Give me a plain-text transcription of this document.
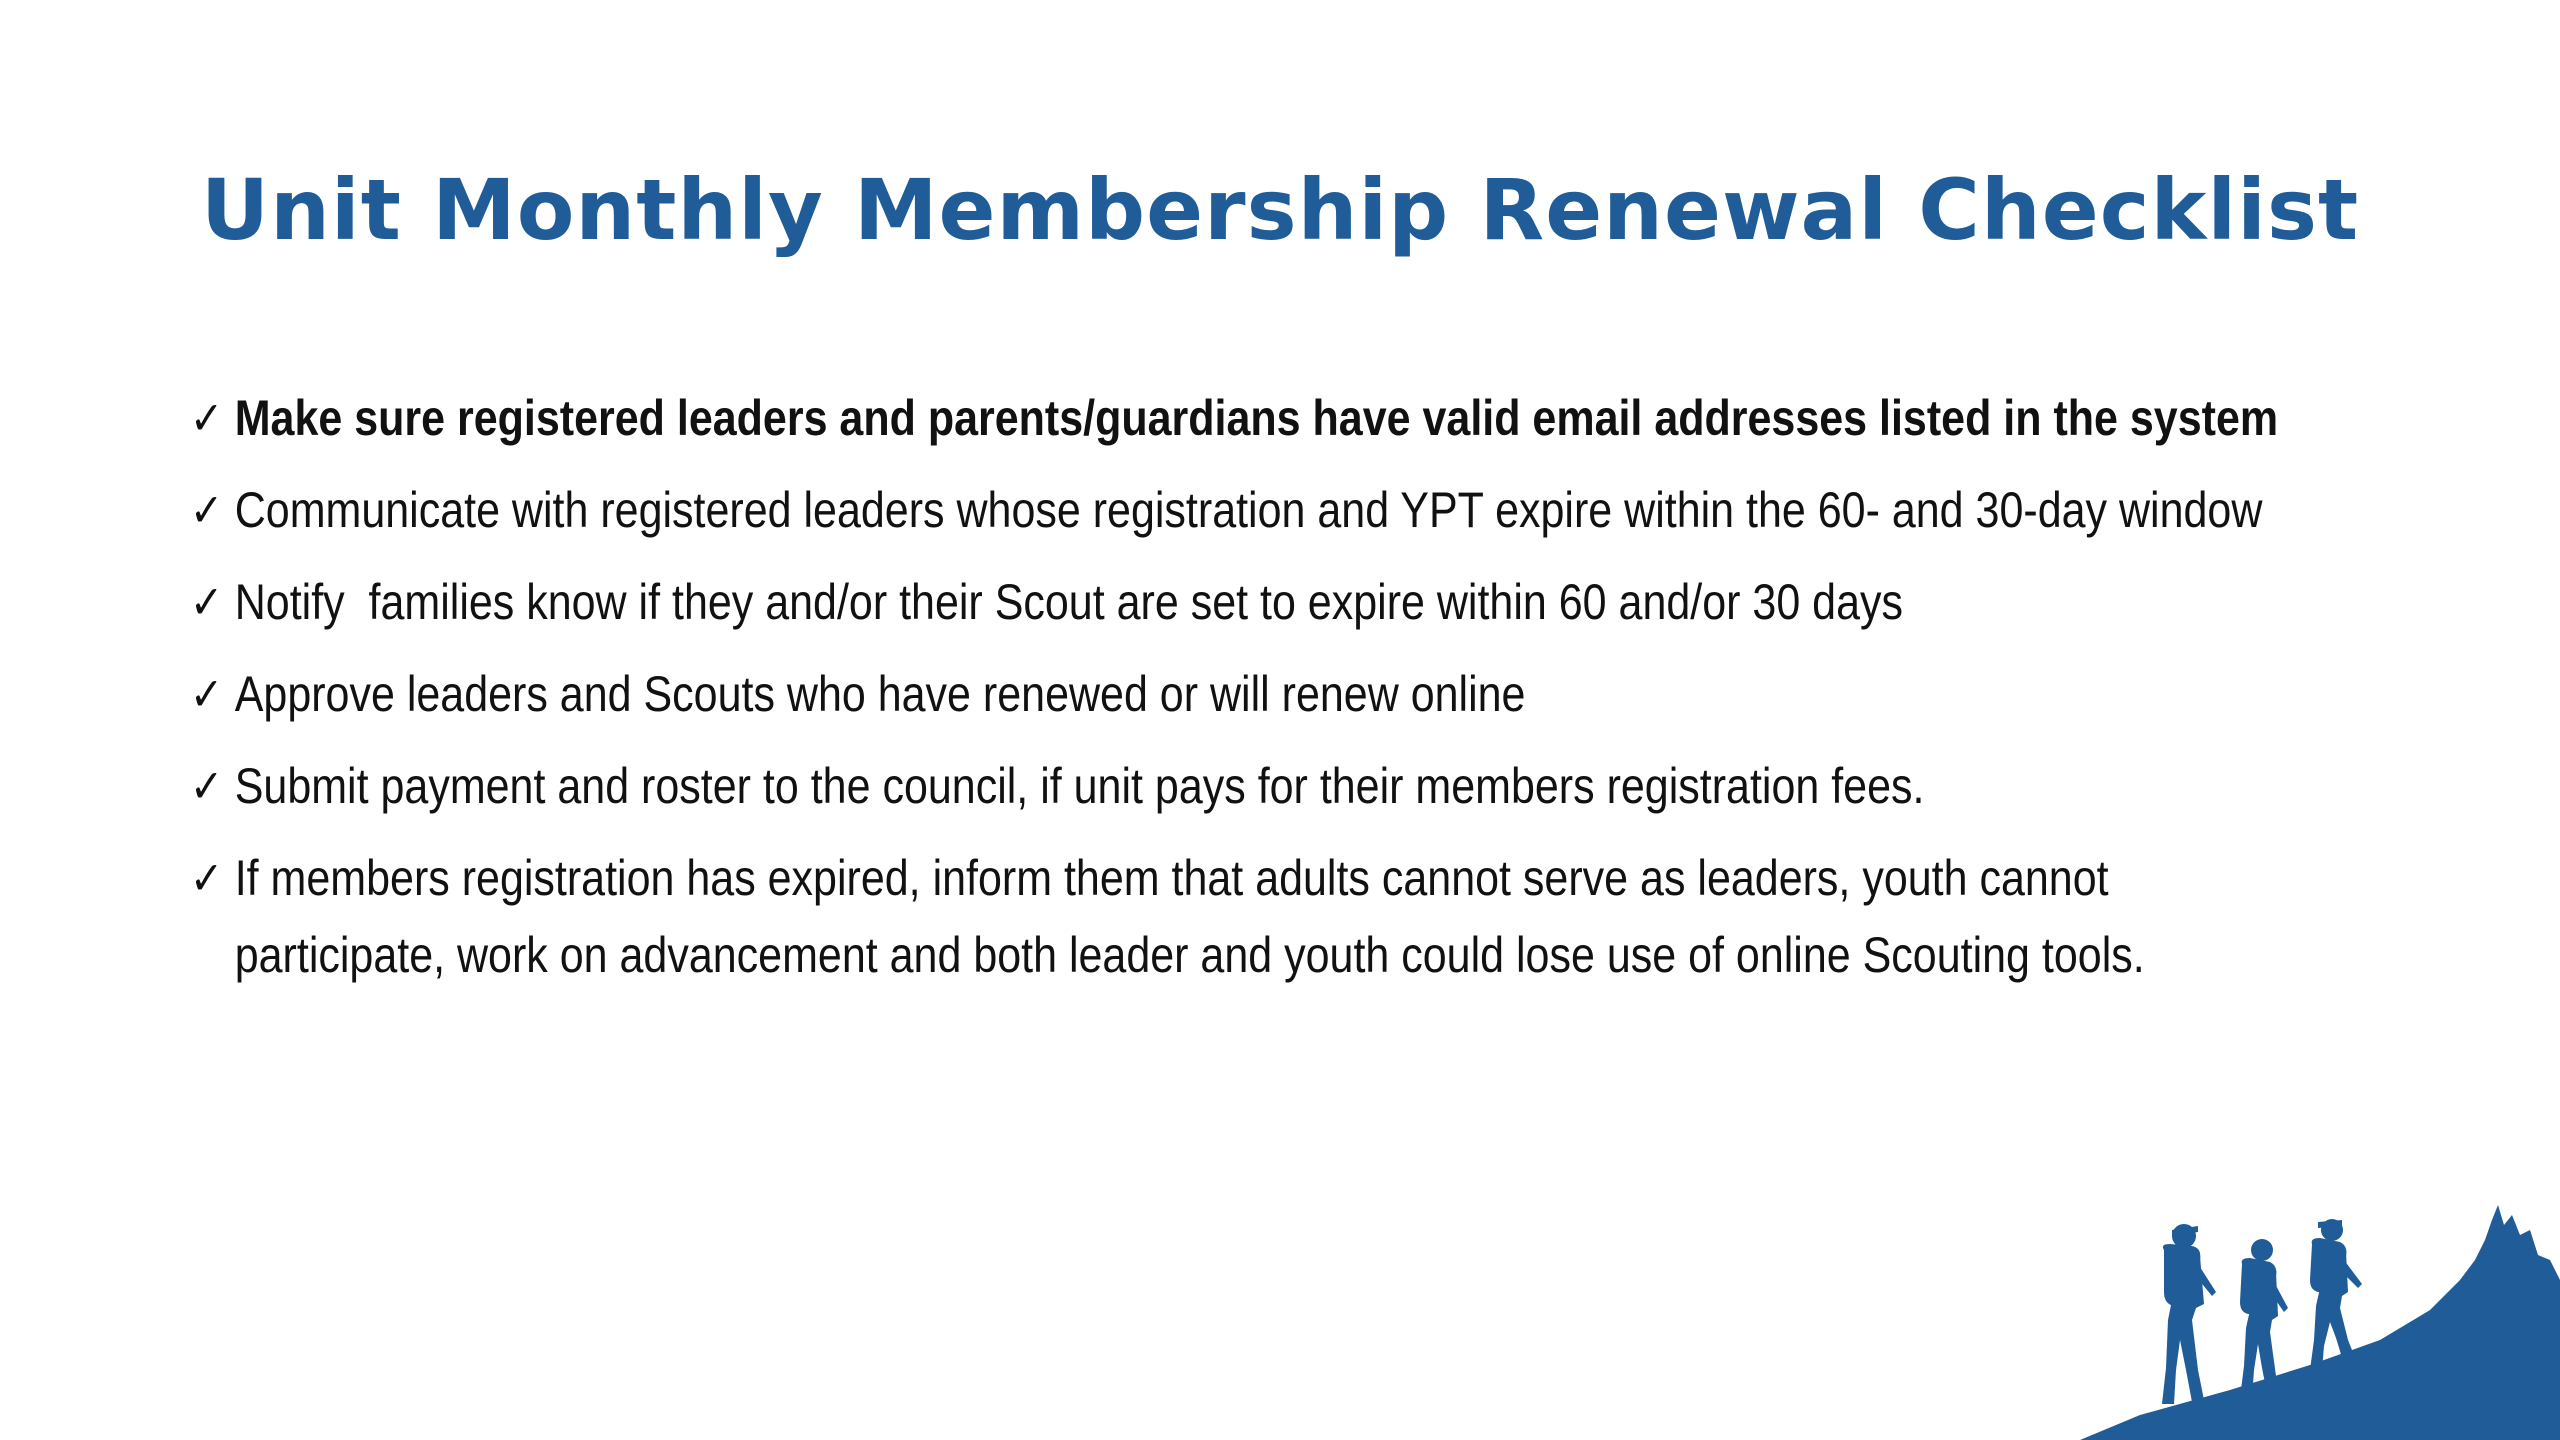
Unit Monthly Membership Renewal Checklist
✓ Make sure registered leaders and parents/guardians have valid email addresses listed in the system
✓ Communicate with registered leaders whose registration and YPT expire within the 60- and 30-day window
✓ Notify  families know if they and/or their Scout are set to expire within 60 and/or 30 days
✓ Approve leaders and Scouts who have renewed or will renew online
✓ Submit payment and roster to the council, if unit pays for their members registration fees.
✓ If members registration has expired, inform them that adults cannot serve as leaders, youth cannot participate, work on advancement and both leader and youth could lose use of online Scouting tools.
